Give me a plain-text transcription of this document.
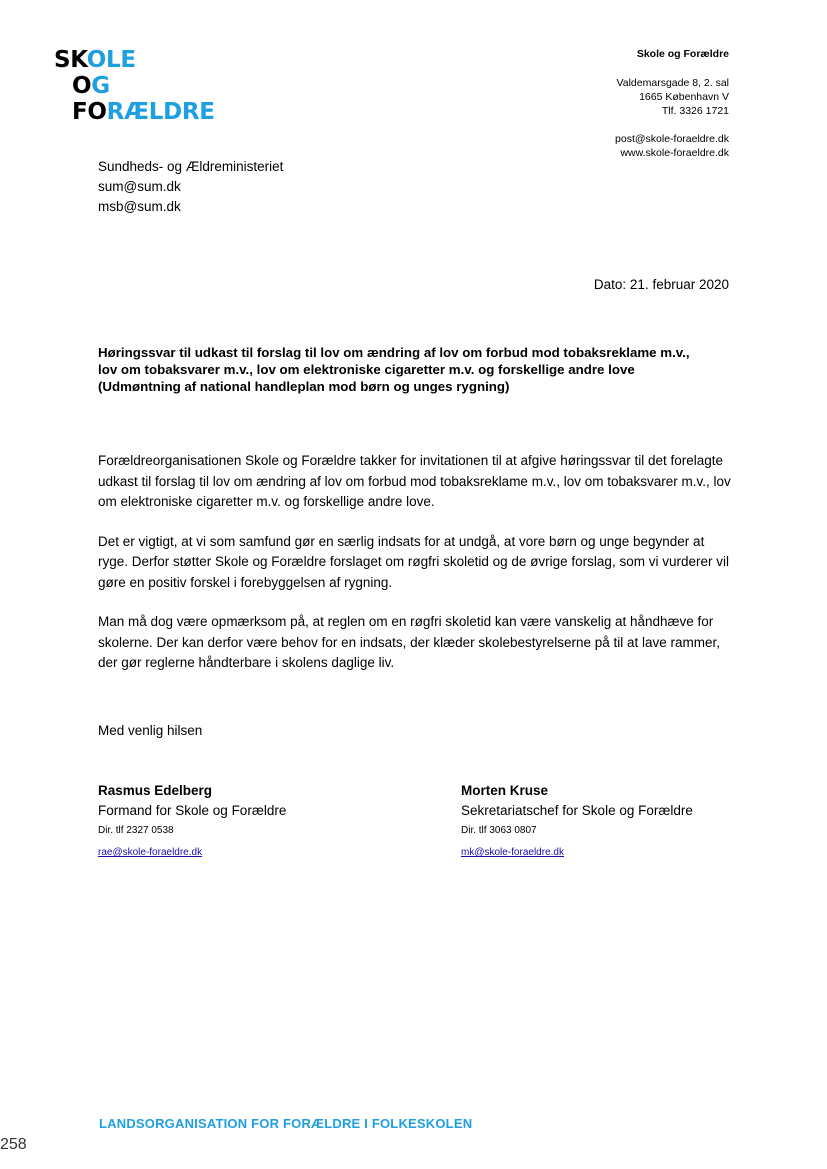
SKOLE
OG
FORÆLDRE
Skole og Forældre
Valdemarsgade 8, 2. sal
1665 København V
Tlf. 3326 1721
post@skole-foraeldre.dk
www.skole-foraeldre.dk
Sundheds- og Ældreministeriet
sum@sum.dk
msb@sum.dk
Dato: 21. februar 2020
Høringssvar til udkast til forslag til lov om ændring af lov om forbud mod tobaksreklame m.v.,
lov om tobaksvarer m.v., lov om elektroniske cigaretter m.v. og forskellige andre love
(Udmøntning af national handleplan mod børn og unges rygning)

Forældreorganisationen Skole og Forældre takker for invitationen til at afgive høringssvar til det forelagte udkast til forslag til lov om ændring af lov om forbud mod tobaksreklame m.v., lov om tobaksvarer m.v., lov om elektroniske cigaretter m.v. og forskellige andre love.

Det er vigtigt, at vi som samfund gør en særlig indsats for at undgå, at vore børn og unge begynder at ryge. Derfor støtter Skole og Forældre forslaget om røgfri skoletid og de øvrige forslag, som vi vurderer vil gøre en positiv forskel i forebyggelsen af rygning.

Man må dog være opmærksom på, at reglen om en røgfri skoletid kan være vanskelig at håndhæve for skolerne. Der kan derfor være behov for en indsats, der klæder skolebestyrelserne på til at lave rammer, der gør reglerne håndterbare i skolens daglige liv.

Med venlig hilsen
Rasmus Edelberg
Formand for Skole og Forældre
Dir. tlf 2327 0538
rae@skole-foraeldre.dk
Morten Kruse
Sekretariatschef for Skole og Forældre
Dir. tlf 3063 0807
mk@skole-foraeldre.dk
LANDSORGANISATION FOR FORÆLDRE I FOLKESKOLEN
258
